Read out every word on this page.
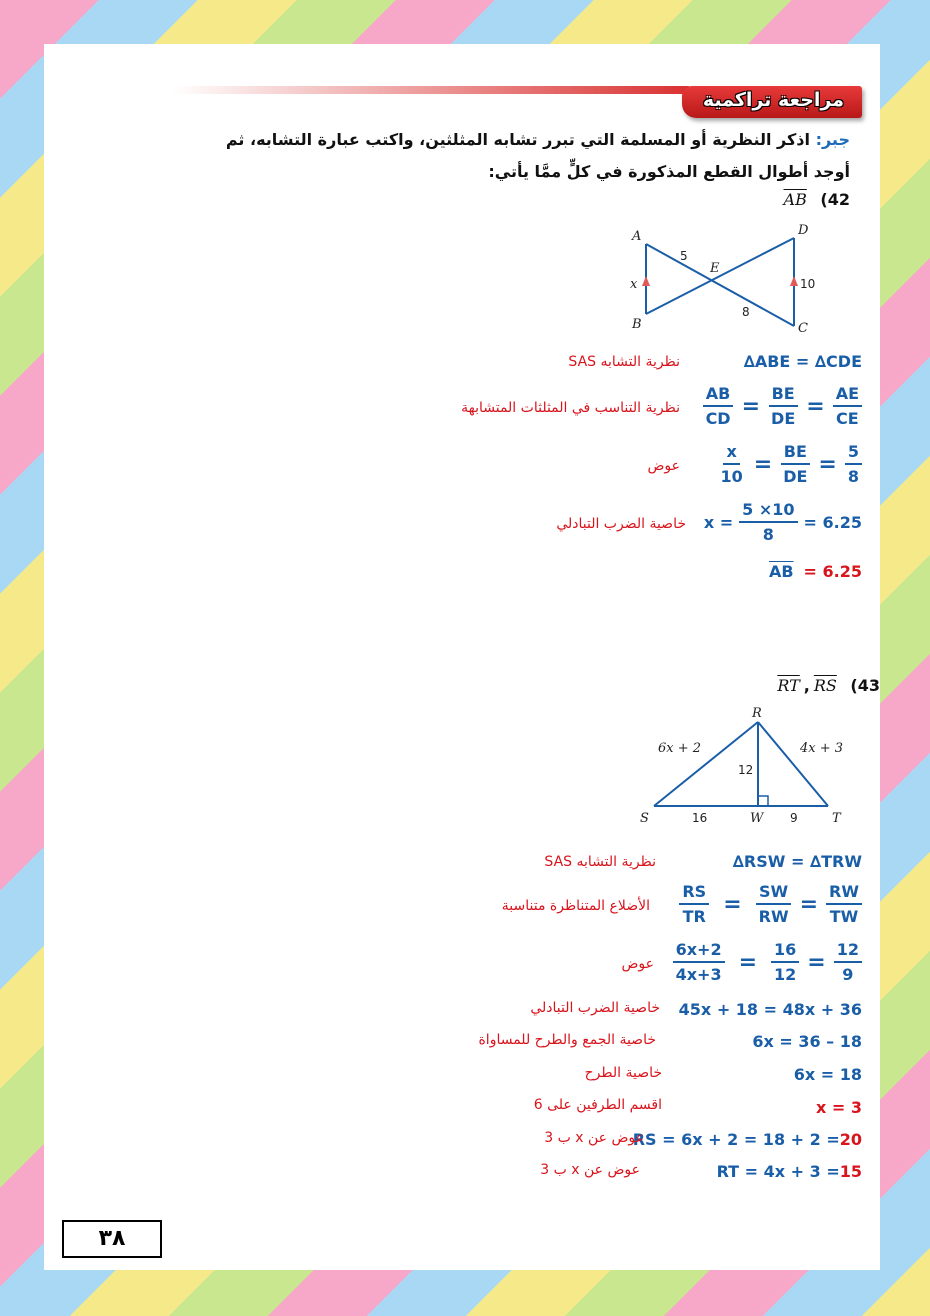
مراجعة تراكمية
جبر: اذكر النظرية أو المسلمة التي تبرر تشابه المثلثين، واكتب عبارة التشابه، ثم أوجد أطوال القطع المذكورة في كلٍّ ممَّا يأتي:
$\overline{AB}$ (42
A
B	C
D
E
x
5
8
10
∆ABE = ∆CDE
نظرية التشابه SAS
$\frac{AB}{CD} = \frac{BE}{DE} = \frac{AE}{CE}$
نظرية التناسب في المثلثات المتشابهة
$\frac{x}{10} = \frac{BE}{DE} = \frac{5}{8}$
عوض
$x = \frac{5 \times 10}{8} = 6.25$
خاصية الضرب التبادلي
$\overline{AB} = 6.25$
$\overline{RT}$ , $\overline{RS}$ (43
R
S	T
W
6x + 2	4x + 3
12
16	9
∆RSW = ∆TRW
نظرية التشابه SAS
$\frac{RS}{TR} = \frac{SW}{RW} = \frac{RW}{TW}$
الأضلاع المتناظرة متناسبة
$\frac{6x+2}{4x+3} = \frac{16}{12} = \frac{12}{9}$
عوض
45x + 18 = 48x + 36
خاصية الضرب التبادلي
6x = 36 – 18
خاصية الجمع والطرح للمساواة
6x = 18
خاصية الطرح
x = 3
اقسم الطرفين على 6
RS = 6x + 2 = 18 + 2 = 20
عوض عن x ب 3
RT = 4x + 3 = 15
عوض عن x ب 3
٣٨
